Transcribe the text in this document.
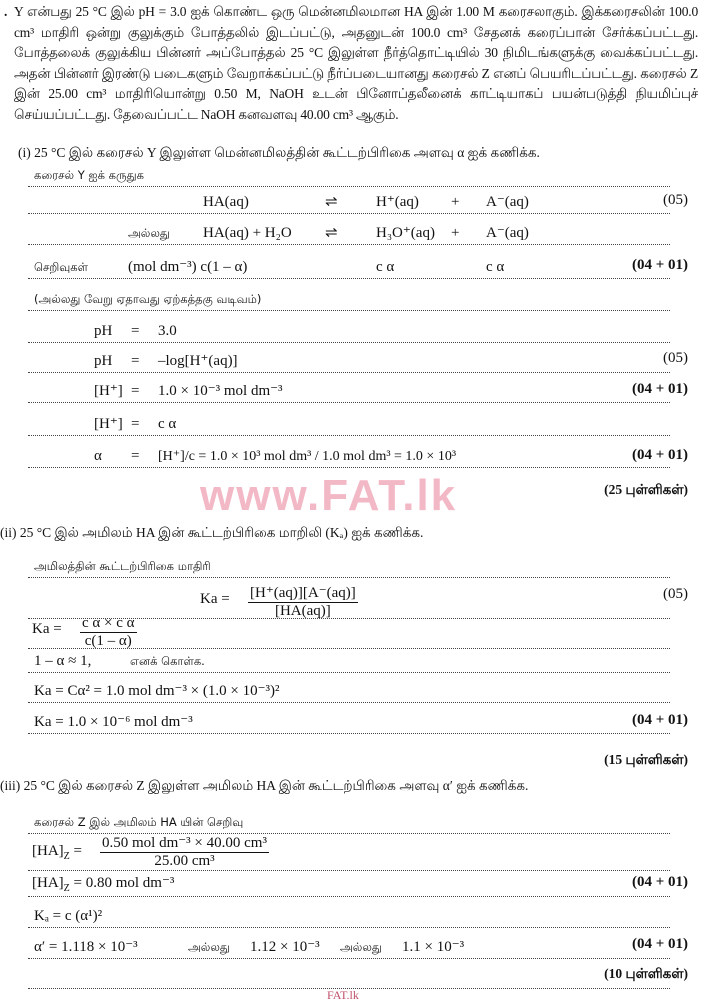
. Y என்பது 25 °C இல் pH = 3.0 ஐக் கொண்ட ஒரு மென்னமிலமான HA இன் 1.00 M கரைசலாகும். இக்கரைசலின் 100.0 cm³ மாதிரி ஒன்று குலுக்கும் போத்தலில் இடப்பட்டு, அதனுடன் 100.0 cm³ சேதனக் கரைப்பான் சேர்க்கப்பட்டது. போத்தலைக் குலுக்கிய பின்னர் அப்போத்தல் 25 °C இலுள்ள நீர்த்தொட்டியில் 30 நிமிடங்களுக்கு வைக்கப்பட்டது. அதன் பின்னர் இரண்டு படைகளும் வேறாக்கப்பட்டு நீர்ப்படையானது கரைசல் Z எனப் பெயரிடப்பட்டது. கரைசல் Z இன் 25.00 cm³ மாதிரியொன்று 0.50 M, NaOH உடன் பினோப்தலீனைக் காட்டியாகப் பயன்படுத்தி நியமிப்புச் செய்யப்பட்டது. தேவைப்பட்ட NaOH கனவளவு 40.00 cm³ ஆகும்.
(i) 25 °C இல் கரைசல் Y இலுள்ள மென்னமிலத்தின் கூட்டற்பிரிகை அளவு α ஐக் கணிக்க.
கரைசல் Y ஐக் கருதுக
HA(aq)	⇌	H⁺(aq) + A⁻(aq)	(05)
அல்லது HA(aq) + H₂O ⇌	H₃O⁺(aq) + A⁻(aq)
செறிவுகள்	(mol dm⁻³) c(1 – α)	c α	c α	(04 + 01)
(அல்லது வேறு ஏதாவது ஏற்கத்தகு வடிவம்)
pH = 3.0
pH = –log[H⁺(aq)]	(05)
[H⁺] = 1.0 × 10⁻³ mol dm⁻³	(04 + 01)
[H⁺] = c α
α = [H⁺]/c = 1.0 × 10³ mol dm³ / 1.0 mol dm³ = 1.0 × 10³	(04 + 01)
www.FAT.lk	(25 புள்ளிகள்)
(ii) 25 °C இல் அமிலம் HA இன் கூட்டற்பிரிகை மாறிலி (Kₐ) ஐக் கணிக்க.
அமிலத்தின் கூட்டற்பிரிகை மாதிரி
$Ka = \frac{[H^+(aq)][A^-(aq)]}{[HA(aq)]}$	(05)
$Ka = \frac{\text{c α × c α}}{c(1 - \alpha)}$
1 – α ≈ 1,	எனக் கொள்க.
Ka = Cα² = 1.0 mol dm⁻³ × (1.0 × 10⁻³)²
Ka = 1.0 × 10⁻⁶ mol dm⁻³	(04 + 01)
(15 புள்ளிகள்)
(iii) 25 °C இல் கரைசல் Z இலுள்ள அமிலம் HA இன் கூட்டற்பிரிகை அளவு α′ ஐக் கணிக்க.
கரைசல் Z இல் அமிலம் HA யின் செறிவு
$[HA]_Z = 0.50$ mol dm⁻³ × 40.00 cm³
25.00 cm³
$[HA]_Z = 0.80$ mol dm⁻³	(04 + 01)
Kₐ = c (α¹)²
α′ = 1.118 × 10⁻³	அல்லது 1.12 × 10⁻³ அல்லது 1.1 × 10⁻³	(04 + 01)
(10 புள்ளிகள்)
FAT.lk
